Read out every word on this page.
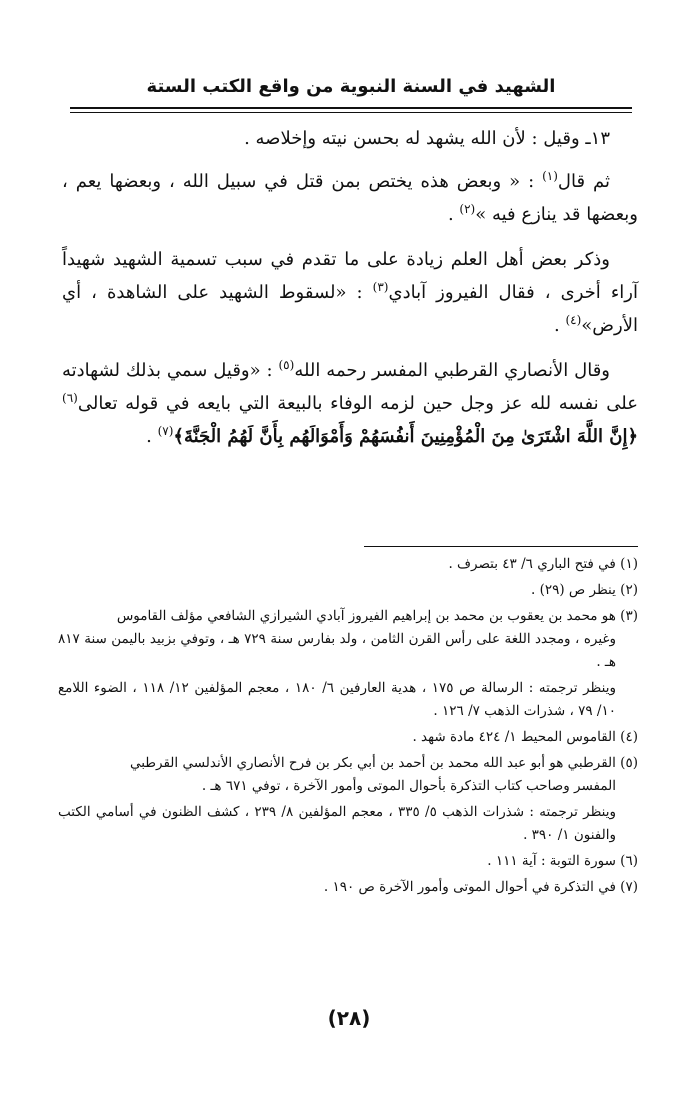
الشهيد في السنة النبوية من واقع الكتب الستة

١٣ـ وقيل : لأن الله يشهد له بحسن نيته وإخلاصه .

ثم قال$^{(١)}$ : « وبعض هذه يختص بمن قتل في سبيل الله ، وبعضها يعم ، وبعضها قد ينازع فيه »$^{(٢)}$ .

وذكر بعض أهل العلم زيادة على ما تقدم في سبب تسمية الشهيد شهيداً آراء أخرى ، فقال الفيروز آبادي$^{(٣)}$ : «لسقوط الشهيد على الشاهدة ، أي الأرض»$^{(٤)}$ .

وقال الأنصاري القرطبي المفسر رحمه الله$^{(٥)}$ : «وقيل سمي بذلك لشهادته على نفسه لله عز وجل حين لزمه الوفاء بالبيعة التي بايعه في قوله تعالى$^{(٦)}$ ﴿إِنَّ اللَّهَ اشْتَرَىٰ مِنَ الْمُؤْمِنِينَ أَنفُسَهُمْ وَأَمْوَالَهُم بِأَنَّ لَهُمُ الْجَنَّةَ﴾$^{(٧)}$ .

(١) في فتح الباري ٦/ ٤٣ بتصرف .
(٢) ينظر ص (٢٩) .
(٣) هو محمد بن يعقوب بن محمد بن إبراهيم الفيروز آبادي الشيرازي الشافعي مؤلف القاموس
وغيره ، ومجدد اللغة على رأس القرن الثامن ، ولد بفارس سنة ٧٢٩ هـ ، وتوفي بزبيد باليمن سنة ٨١٧ هـ .
وينظر ترجمته : الرسالة ص ١٧٥ ، هدية العارفين ٦/ ١٨٠ ، معجم المؤلفين ١٢/ ١١٨ ، الضوء اللامع ١٠/ ٧٩ ، شذرات الذهب ٧/ ١٢٦ .
(٤) القاموس المحيط ١/ ٤٢٤ مادة شهد .
(٥) القرطبي هو أبو عبد الله محمد بن أحمد بن أبي بكر بن فرح الأنصاري الأندلسي القرطبي
المفسر وصاحب كتاب التذكرة بأحوال الموتى وأمور الآخرة ، توفي ٦٧١ هـ .
وينظر ترجمته : شذرات الذهب ٥/ ٣٣٥ ، معجم المؤلفين ٨/ ٢٣٩ ، كشف الظنون في أسامي الكتب والفنون ١/ ٣٩٠ .
(٦) سورة التوبة : آية ١١١ .
(٧) في التذكرة في أحوال الموتى وأمور الآخرة ص ١٩٠ .
(٢٨)
